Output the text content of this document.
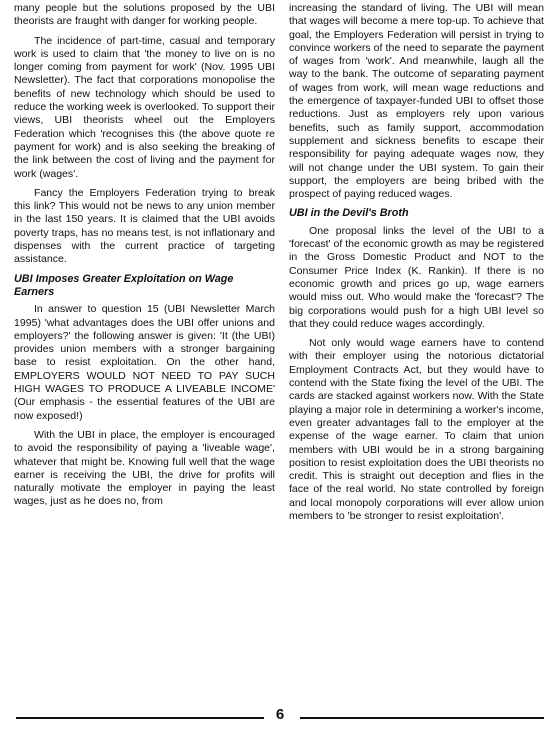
many people but the solutions proposed by the UBI theorists are fraught with danger for working people.

The incidence of part-time, casual and temporary work is used to claim that 'the money to live on is no longer coming from payment for work' (Nov. 1995 UBI Newsletter). The fact that corporations monopolise the benefits of new technology which should be used to reduce the working week is overlooked. To support their views, UBI theorists wheel out the Employers Federation which 'recognises this (the above quote re payment for work) and is also seeking the breaking of the link between the cost of living and the payment for work (wages'.

Fancy the Employers Federation trying to break this link? This would not be news to any union member in the last 150 years. It is claimed that the UBI avoids poverty traps, has no means test, is not inflationary and dispenses with the current practice of targeting assistance.

UBI Imposes Greater Exploitation on Wage Earners

In answer to question 15 (UBI Newsletter March 1995) 'what advantages does the UBI offer unions and employers?' the following answer is given: 'It (the UBI) provides union members with a stronger bargaining base to resist exploitation. On the other hand, EMPLOYERS WOULD NOT NEED TO PAY SUCH HIGH WAGES TO PRODUCE A LIVEABLE INCOME' (Our emphasis - the essential features of the UBI are now exposed!)

With the UBI in place, the employer is encouraged to avoid the responsibility of paying a 'liveable wage', whatever that might be. Knowing full well that the wage earner is receiving the UBI, the drive for profits will naturally motivate the employer in paying the least wages, just as he does no, from

increasing the standard of living. The UBI will mean that wages will become a mere top-up. To achieve that goal, the Employers Federation will persist in trying to convince workers of the need to separate the payment of wages from 'work'. And meanwhile, laugh all the way to the bank. The outcome of separating payment of wages from work, will mean wage reductions and the emergence of taxpayer-funded UBI to offset those reductions. Just as employers rely upon various benefits, such as family support, accommodation supplement and sickness benefits to escape their responsibility for paying adequate wages now, they will not change under the UBI system. To gain their support, the employers are being bribed with the prospect of paying reduced wages.

UBI in the Devil's Broth

One proposal links the level of the UBI to a 'forecast' of the economic growth as may be registered in the Gross Domestic Product and NOT to the Consumer Price Index (K. Rankin). If there is no economic growth and prices go up, wage earners would miss out. Who would make the 'forecast'? The big corporations would push for a high UBI level so that they could reduce wages accordingly.

Not only would wage earners have to contend with their employer using the notorious dictatorial Employment Contracts Act, but they would have to contend with the State fixing the level of the UBI. The cards are stacked against workers now. With the State playing a major role in determining a worker's income, even greater advantages fall to the employer at the expense of the wage earner. To claim that union members with UBI would be in a strong bargaining position to resist exploitation does the UBI theorists no credit. This is straight out deception and flies in the face of the real world. No state controlled by foreign and local monopoly corporations will ever allow union members to 'be stronger to resist exploitation'.

6
